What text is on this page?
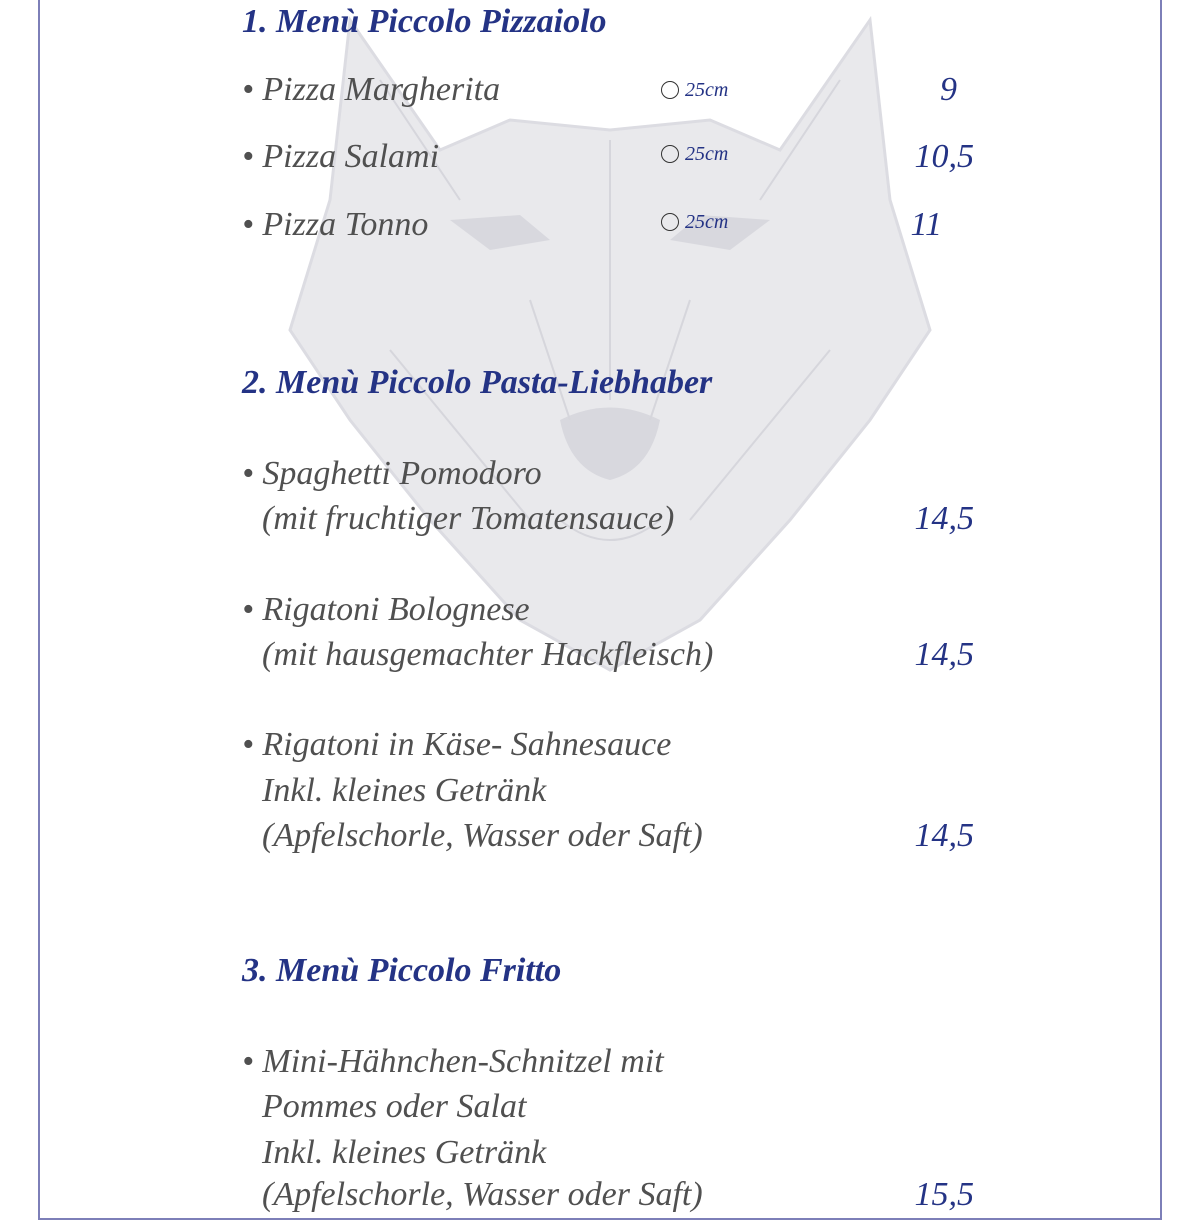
1. Menù Piccolo Pizzaiolo
• Pizza Margherita	25cm	9
• Pizza Salami	25cm	10,5
• Pizza Tonno	25cm	11
2. Menù Piccolo Pasta-Liebhaber
• Spaghetti Pomodoro
(mit fruchtiger Tomatensauce)	14,5
• Rigatoni Bolognese
(mit hausgemachter Hackfleisch)	14,5
• Rigatoni in Käse- Sahnesauce
Inkl. kleines Getränk
(Apfelschorle, Wasser oder Saft)	14,5
3. Menù Piccolo Fritto
• Mini-Hähnchen-Schnitzel mit
Pommes oder Salat
Inkl. kleines Getränk
(Apfelschorle, Wasser oder Saft)	15,5
